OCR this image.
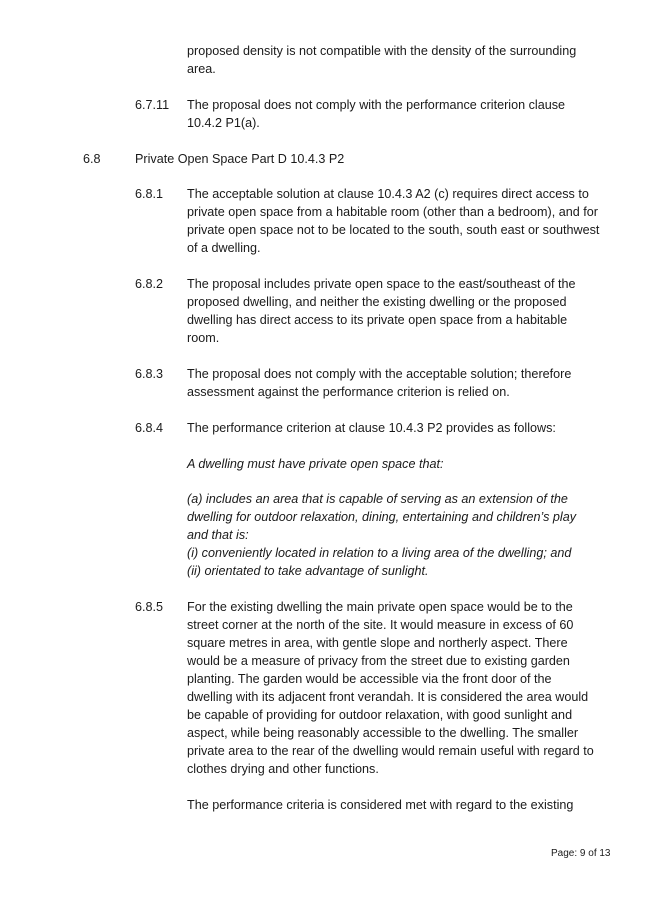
proposed density is not compatible with the density of the surrounding
area.
6.7.11 The proposal does not comply with the performance criterion clause
10.4.2 P1(a).
6.8	Private Open Space Part D 10.4.3 P2
6.8.1 The acceptable solution at clause 10.4.3 A2 (c) requires direct access to
private open space from a habitable room (other than a bedroom), and for
private open space not to be located to the south, south east or southwest
of a dwelling.
6.8.2 The proposal includes private open space to the east/southeast of the
proposed dwelling, and neither the existing dwelling or the proposed
dwelling has direct access to its private open space from a habitable
room.
6.8.3 The proposal does not comply with the acceptable solution; therefore
assessment against the performance criterion is relied on.
6.8.4 The performance criterion at clause 10.4.3 P2 provides as follows:
A dwelling must have private open space that:
(a) includes an area that is capable of serving as an extension of the
dwelling for outdoor relaxation, dining, entertaining and children’s play
and that is:
(i) conveniently located in relation to a living area of the dwelling; and
(ii) orientated to take advantage of sunlight.
6.8.5 For the existing dwelling the main private open space would be to the
street corner at the north of the site. It would measure in excess of 60
square metres in area, with gentle slope and northerly aspect. There
would be a measure of privacy from the street due to existing garden
planting. The garden would be accessible via the front door of the
dwelling with its adjacent front verandah. It is considered the area would
be capable of providing for outdoor relaxation, with good sunlight and
aspect, while being reasonably accessible to the dwelling. The smaller
private area to the rear of the dwelling would remain useful with regard to
clothes drying and other functions.
The performance criteria is considered met with regard to the existing
Page: 9 of 13
